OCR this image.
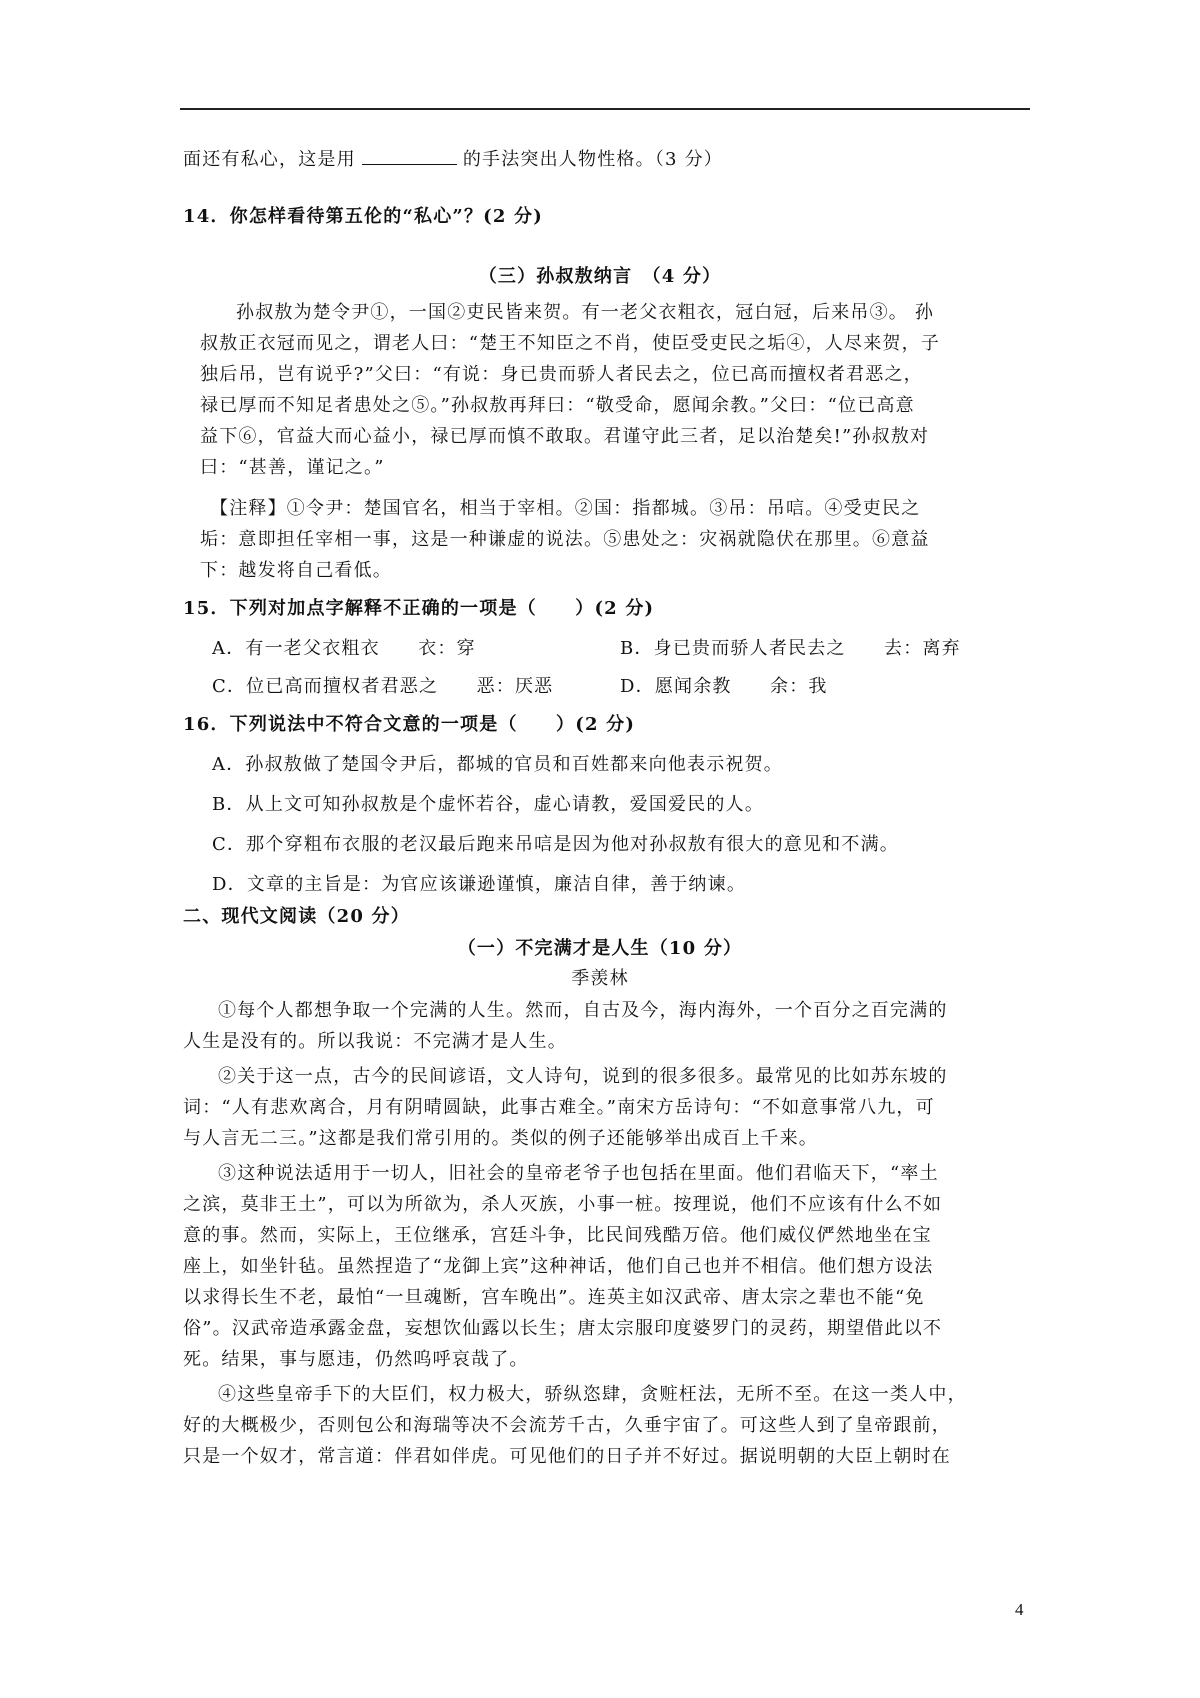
面还有私心，这是用	的手法突出人物性格。（3 分）
14．你怎样看待第五伦的“私心”？(2 分)
（三）孙叔敖纳言　（4 分）
孙叔敖为楚令尹①，一国②吏民皆来贺。有一老父衣粗衣，冠白冠，后来吊③。 孙
叔敖正衣冠而见之，谓老人曰：“楚王不知臣之不肖，使臣受吏民之垢④，人尽来贺，子
独后吊，岂有说乎?”父曰：“有说：身已贵而骄人者民去之，位已高而擅权者君恶之，
禄已厚而不知足者患处之⑤。”孙叔敖再拜曰：“敬受命，愿闻余教。”父曰：“位已高意
益下⑥，官益大而心益小，禄已厚而慎不敢取。君谨守此三者，足以治楚矣!”孙叔敖对
曰：“甚善，谨记之。”
【注释】①令尹：楚国官名，相当于宰相。②国：指都城。③吊：吊唁。④受吏民之
垢：意即担任宰相一事，这是一种谦虚的说法。⑤患处之：灾祸就隐伏在那里。⑥意益
下：越发将自己看低。
15．下列对加点字解释不正确的一项是（　　）(2 分)
A．有一老父衣粗衣　　衣：穿	B．身已贵而骄人者民去之　　去：离弃
C．位已高而擅权者君恶之　　恶：厌恶	D．愿闻余教　　余：我
16．下列说法中不符合文意的一项是（　　）(2 分)
A．孙叔敖做了楚国令尹后，都城的官员和百姓都来向他表示祝贺。
B．从上文可知孙叔敖是个虚怀若谷，虚心请教，爱国爱民的人。
C．那个穿粗布衣服的老汉最后跑来吊唁是因为他对孙叔敖有很大的意见和不满。
D．文章的主旨是：为官应该谦逊谨慎，廉洁自律，善于纳谏。
二、现代文阅读（20 分）
（一）不完满才是人生（10 分）
季羡林
①每个人都想争取一个完满的人生。然而，自古及今，海内海外，一个百分之百完满的
人生是没有的。所以我说：不完满才是人生。
②关于这一点，古今的民间谚语，文人诗句，说到的很多很多。最常见的比如苏东坡的
词：“人有悲欢离合，月有阴晴圆缺，此事古难全。”南宋方岳诗句：“不如意事常八九，可
与人言无二三。”这都是我们常引用的。类似的例子还能够举出成百上千来。
③这种说法适用于一切人，旧社会的皇帝老爷子也包括在里面。他们君临天下，“率土
之滨，莫非王土”，可以为所欲为，杀人灭族，小事一桩。按理说，他们不应该有什么不如
意的事。然而，实际上，王位继承，宫廷斗争，比民间残酷万倍。他们威仪俨然地坐在宝
座上，如坐针毡。虽然捏造了“龙御上宾”这种神话，他们自己也并不相信。他们想方设法
以求得长生不老，最怕“一旦魂断，宫车晚出”。连英主如汉武帝、唐太宗之辈也不能“免
俗”。汉武帝造承露金盘，妄想饮仙露以长生；唐太宗服印度婆罗门的灵药，期望借此以不
死。结果，事与愿违，仍然呜呼哀哉了。
④这些皇帝手下的大臣们，权力极大，骄纵恣肆，贪赃枉法，无所不至。在这一类人中，
好的大概极少，否则包公和海瑞等决不会流芳千古，久垂宇宙了。可这些人到了皇帝跟前，
只是一个奴才，常言道：伴君如伴虎。可见他们的日子并不好过。据说明朝的大臣上朝时在
4
